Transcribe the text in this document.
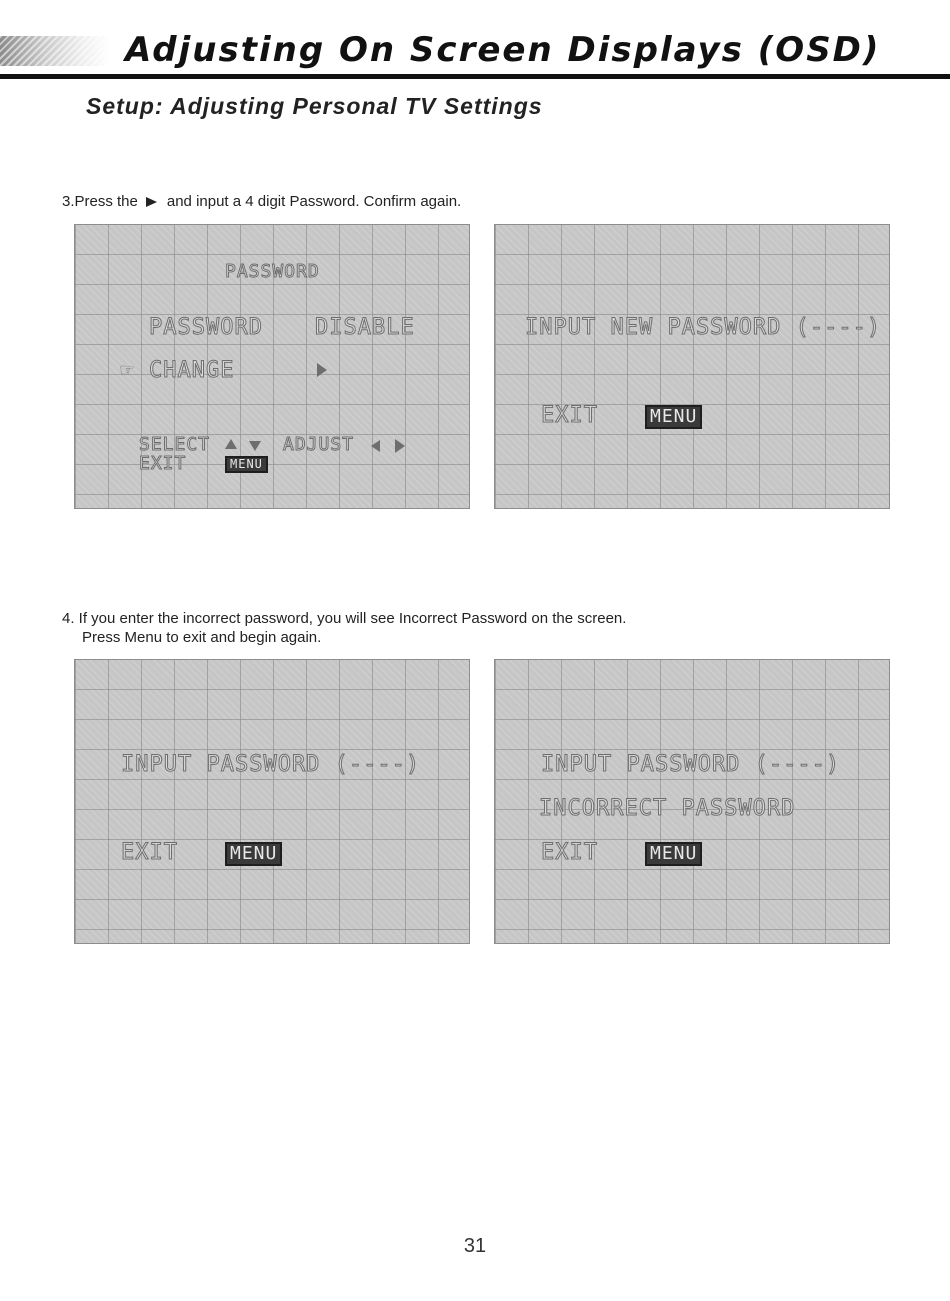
Adjusting On Screen Displays (OSD)
Setup: Adjusting Personal TV Settings
3.Press the and input a 4 digit Password. Confirm again.
PASSWORD
PASSWORD DISABLE
☞ CHANGE
SELECT	ADJUST
EXIT	MENU
INPUT NEW PASSWORD (----)
EXIT	MENU
4. If you enter the incorrect password, you will see Incorrect Password on the screen.
Press Menu to exit and begin again.
INPUT PASSWORD (----)
EXIT	MENU
INPUT PASSWORD (----)
INCORRECT PASSWORD
EXIT	MENU
31
